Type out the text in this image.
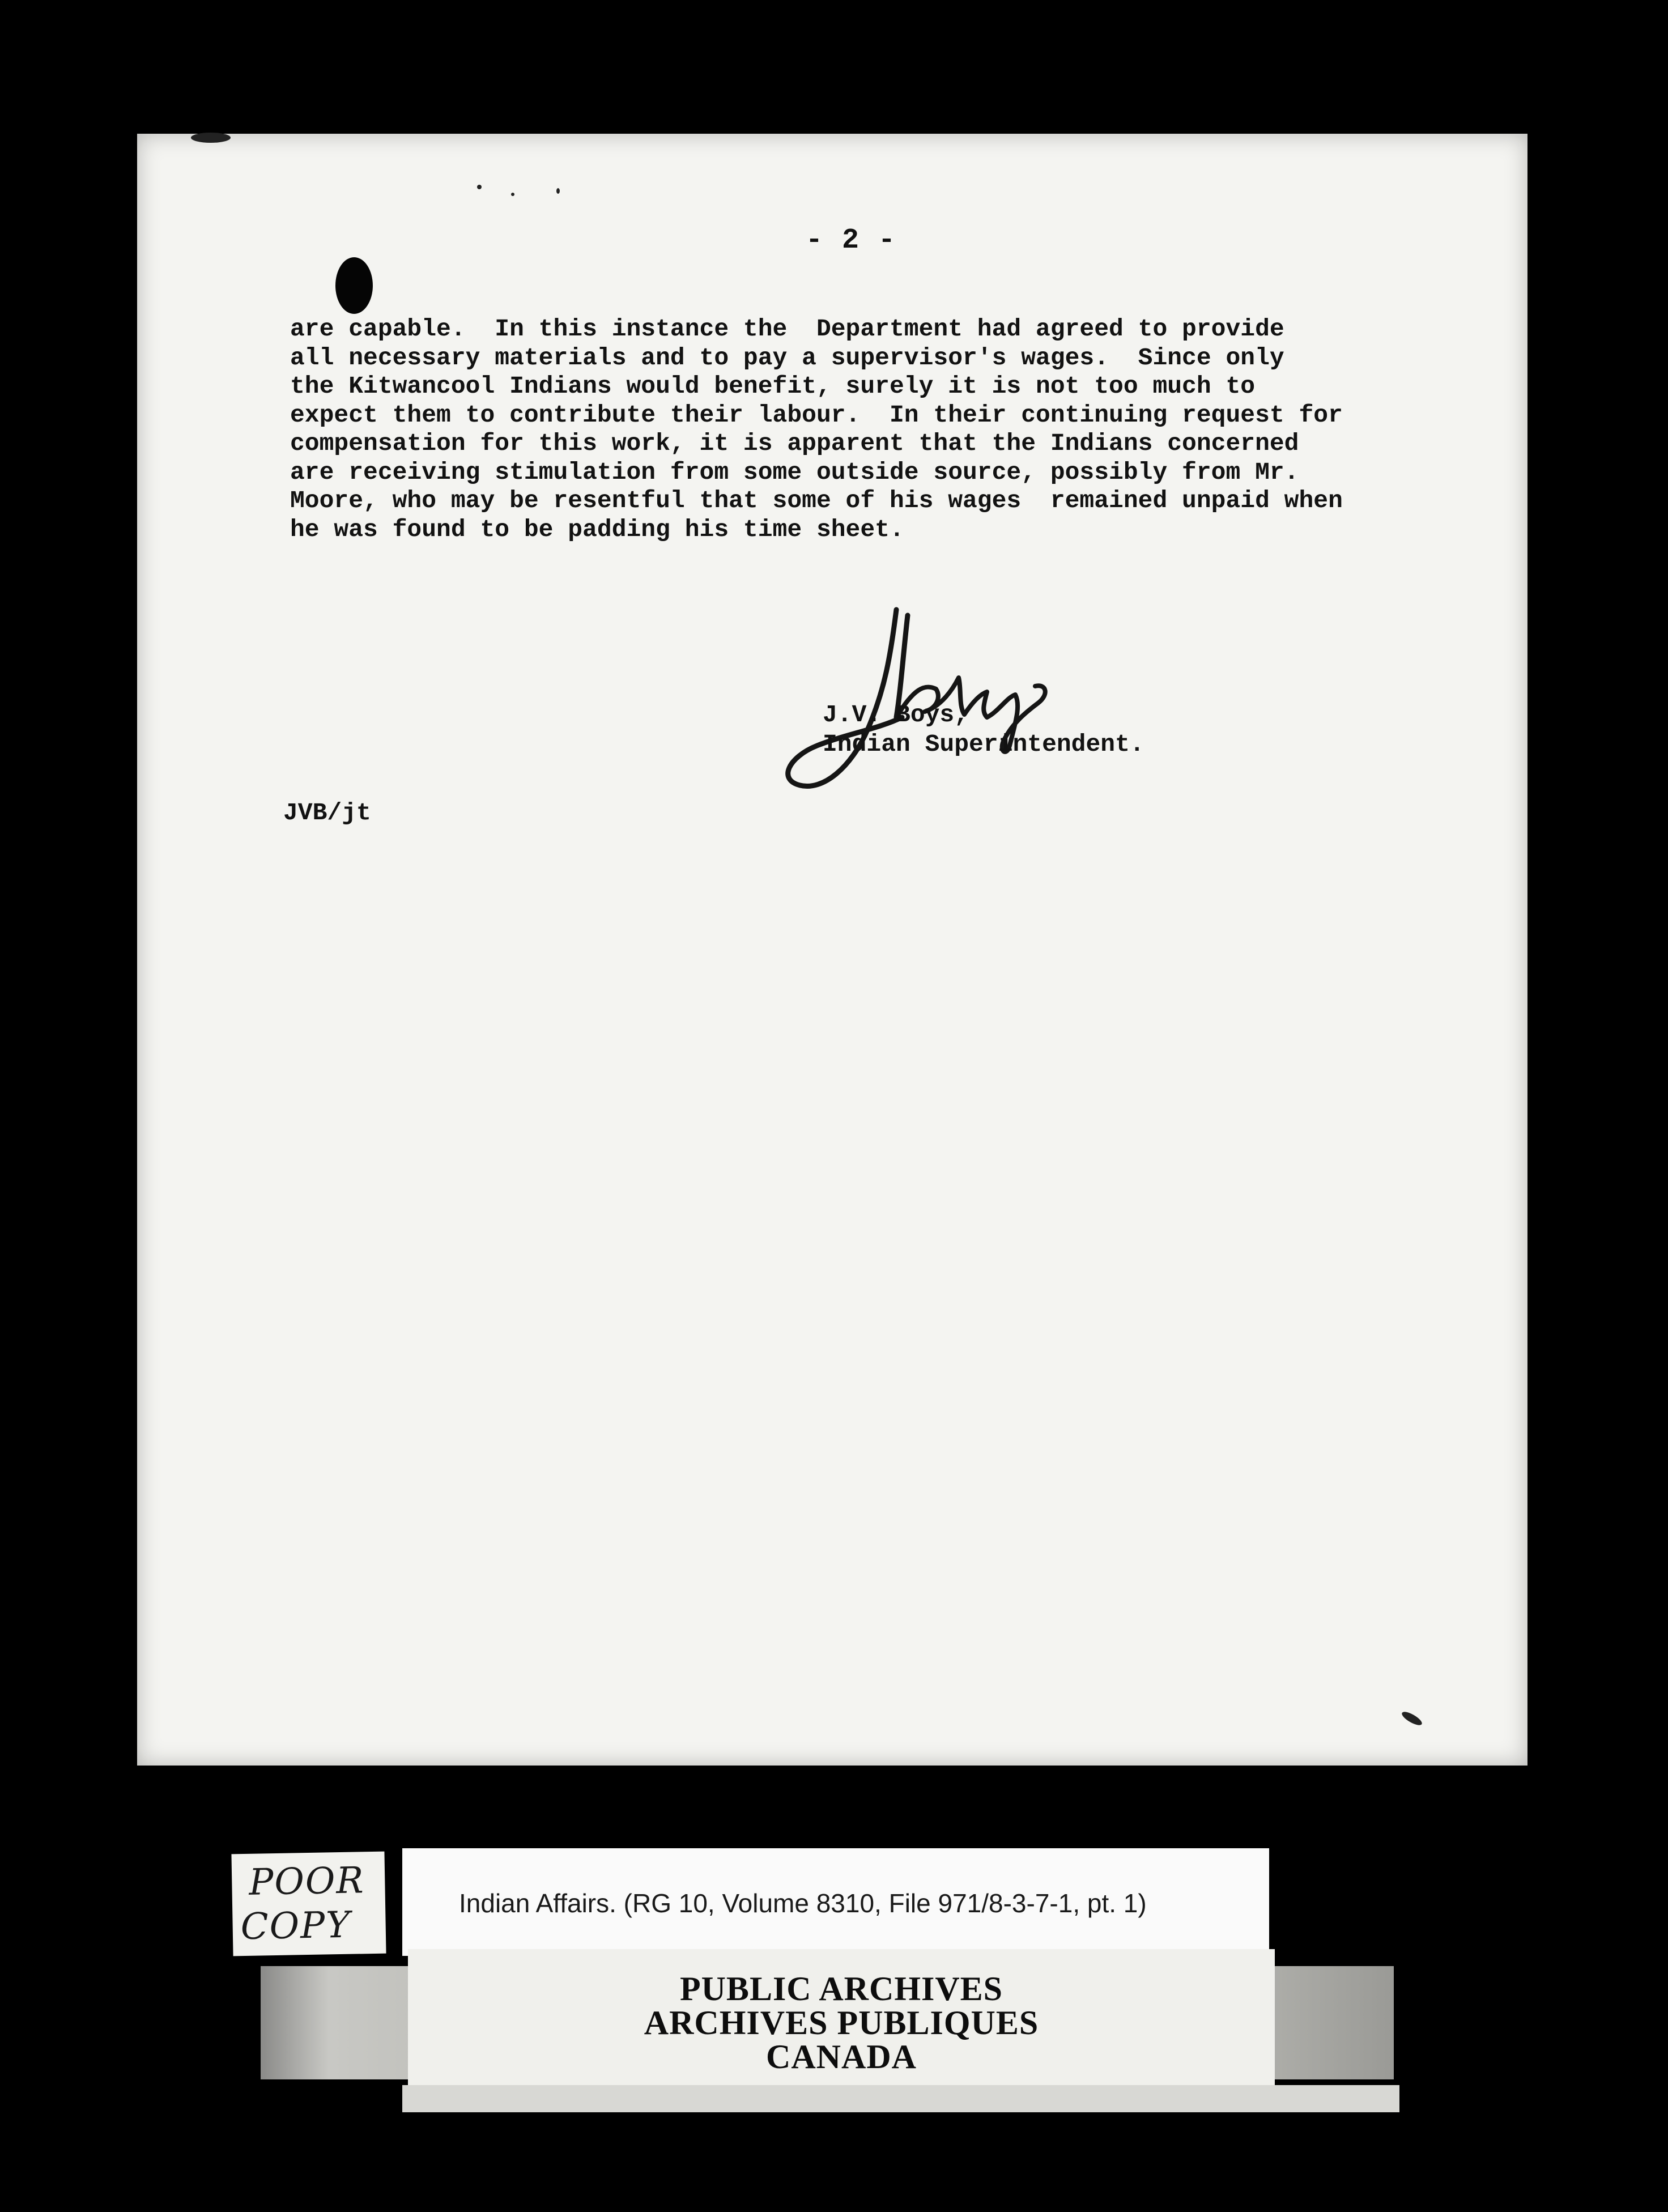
- 2 -
are capable.  In this instance the  Department had agreed to provide
all necessary materials and to pay a supervisor's wages.  Since only
the Kitwancool Indians would benefit, surely it is not too much to
expect them to contribute their labour.  In their continuing request for
compensation for this work, it is apparent that the Indians concerned
are receiving stimulation from some outside source, possibly from Mr.
Moore, who may be resentful that some of his wages  remained unpaid when
he was found to be padding his time sheet.
J.V. Boys,
Indian Superintendent.
JVB/jt
POOR
COPY
Indian Affairs. (RG 10, Volume 8310, File 971/8-3-7-1, pt. 1)
PUBLIC ARCHIVES
ARCHIVES PUBLIQUES
CANADA
